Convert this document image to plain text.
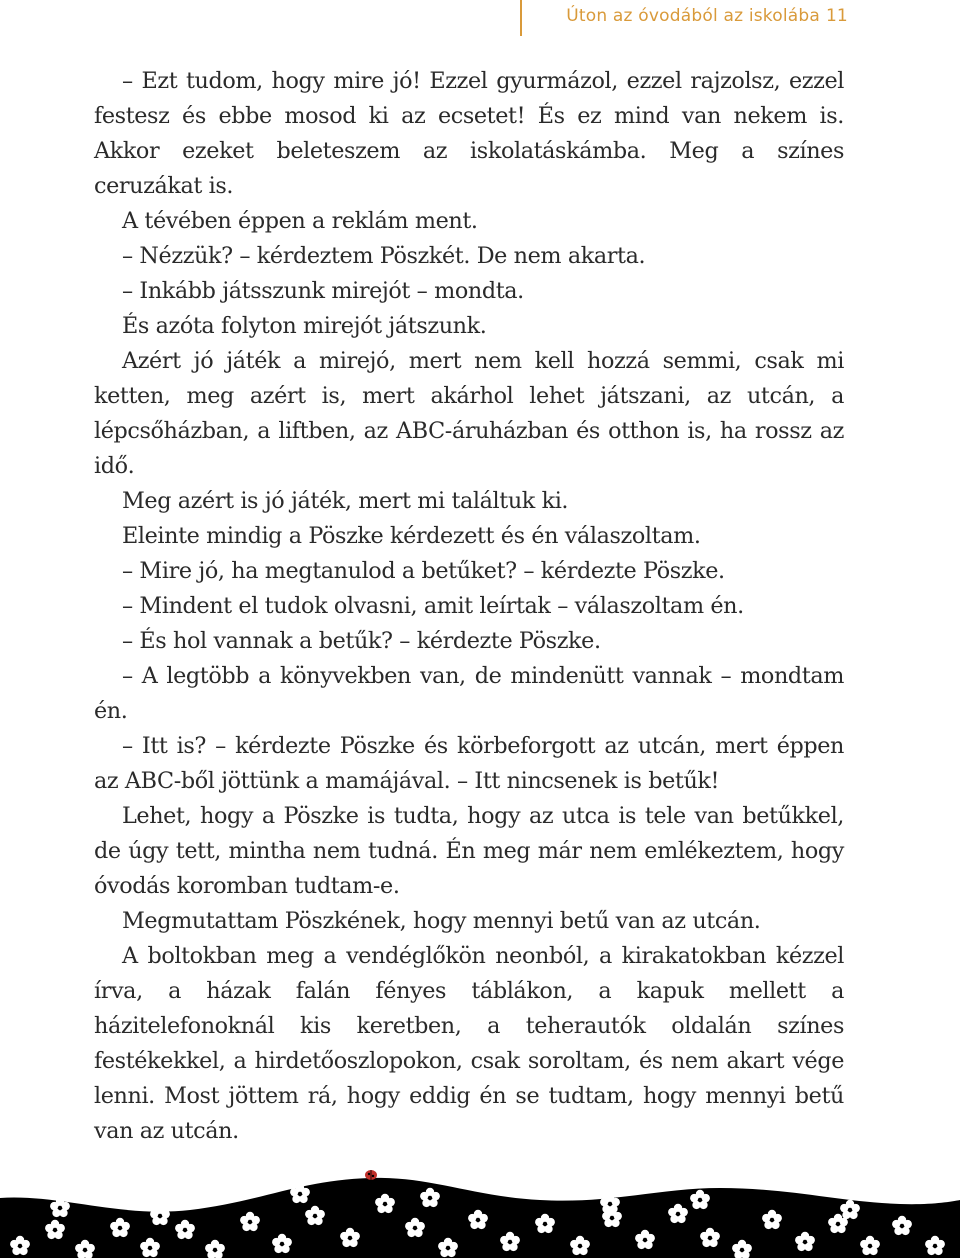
Úton az óvodából az iskolába 11

– Ezt tudom, hogy mire jó! Ezzel gyurmázol, ezzel rajzolsz, ezzel festesz és ebbe mosod ki az ecsetet! És ez mind van nekem is. Akkor ezeket beleteszem az iskolatáskámba. Meg a színes ceruzákat is.

A tévében éppen a reklám ment.

– Nézzük? – kérdeztem Pöszkét. De nem akarta.

– Inkább játsszunk mirejót – mondta.

És azóta folyton mirejót játszunk.

Azért jó játék a mirejó, mert nem kell hozzá semmi, csak mi ketten, meg azért is, mert akárhol lehet játszani, az utcán, a lépcsőházban, a liftben, az ABC-áruházban és otthon is, ha rossz az idő.

Meg azért is jó játék, mert mi találtuk ki.

Eleinte mindig a Pöszke kérdezett és én válaszoltam.

– Mire jó, ha megtanulod a betűket? – kérdezte Pöszke.

– Mindent el tudok olvasni, amit leírtak – válaszoltam én.

– És hol vannak a betűk? – kérdezte Pöszke.

– A legtöbb a könyvekben van, de mindenütt vannak – mondtam én.

– Itt is? – kérdezte Pöszke és körbeforgott az utcán, mert éppen az ABC-ből jöttünk a mamájával. – Itt nincsenek is betűk!

Lehet, hogy a Pöszke is tudta, hogy az utca is tele van betűkkel, de úgy tett, mintha nem tudná. Én meg már nem emlékeztem, hogy óvodás koromban tudtam-e.

Megmutattam Pöszkének, hogy mennyi betű van az utcán.

A boltokban meg a vendéglőkön neonból, a kirakatokban kézzel írva, a házak falán fényes táblákon, a kapuk mellett a házitelefonoknál kis keretben, a teherautók oldalán színes festékekkel, a hirdetőoszlopokon, csak soroltam, és nem akart vége lenni. Most jöttem rá, hogy eddig én se tudtam, hogy mennyi betű van az utcán.
